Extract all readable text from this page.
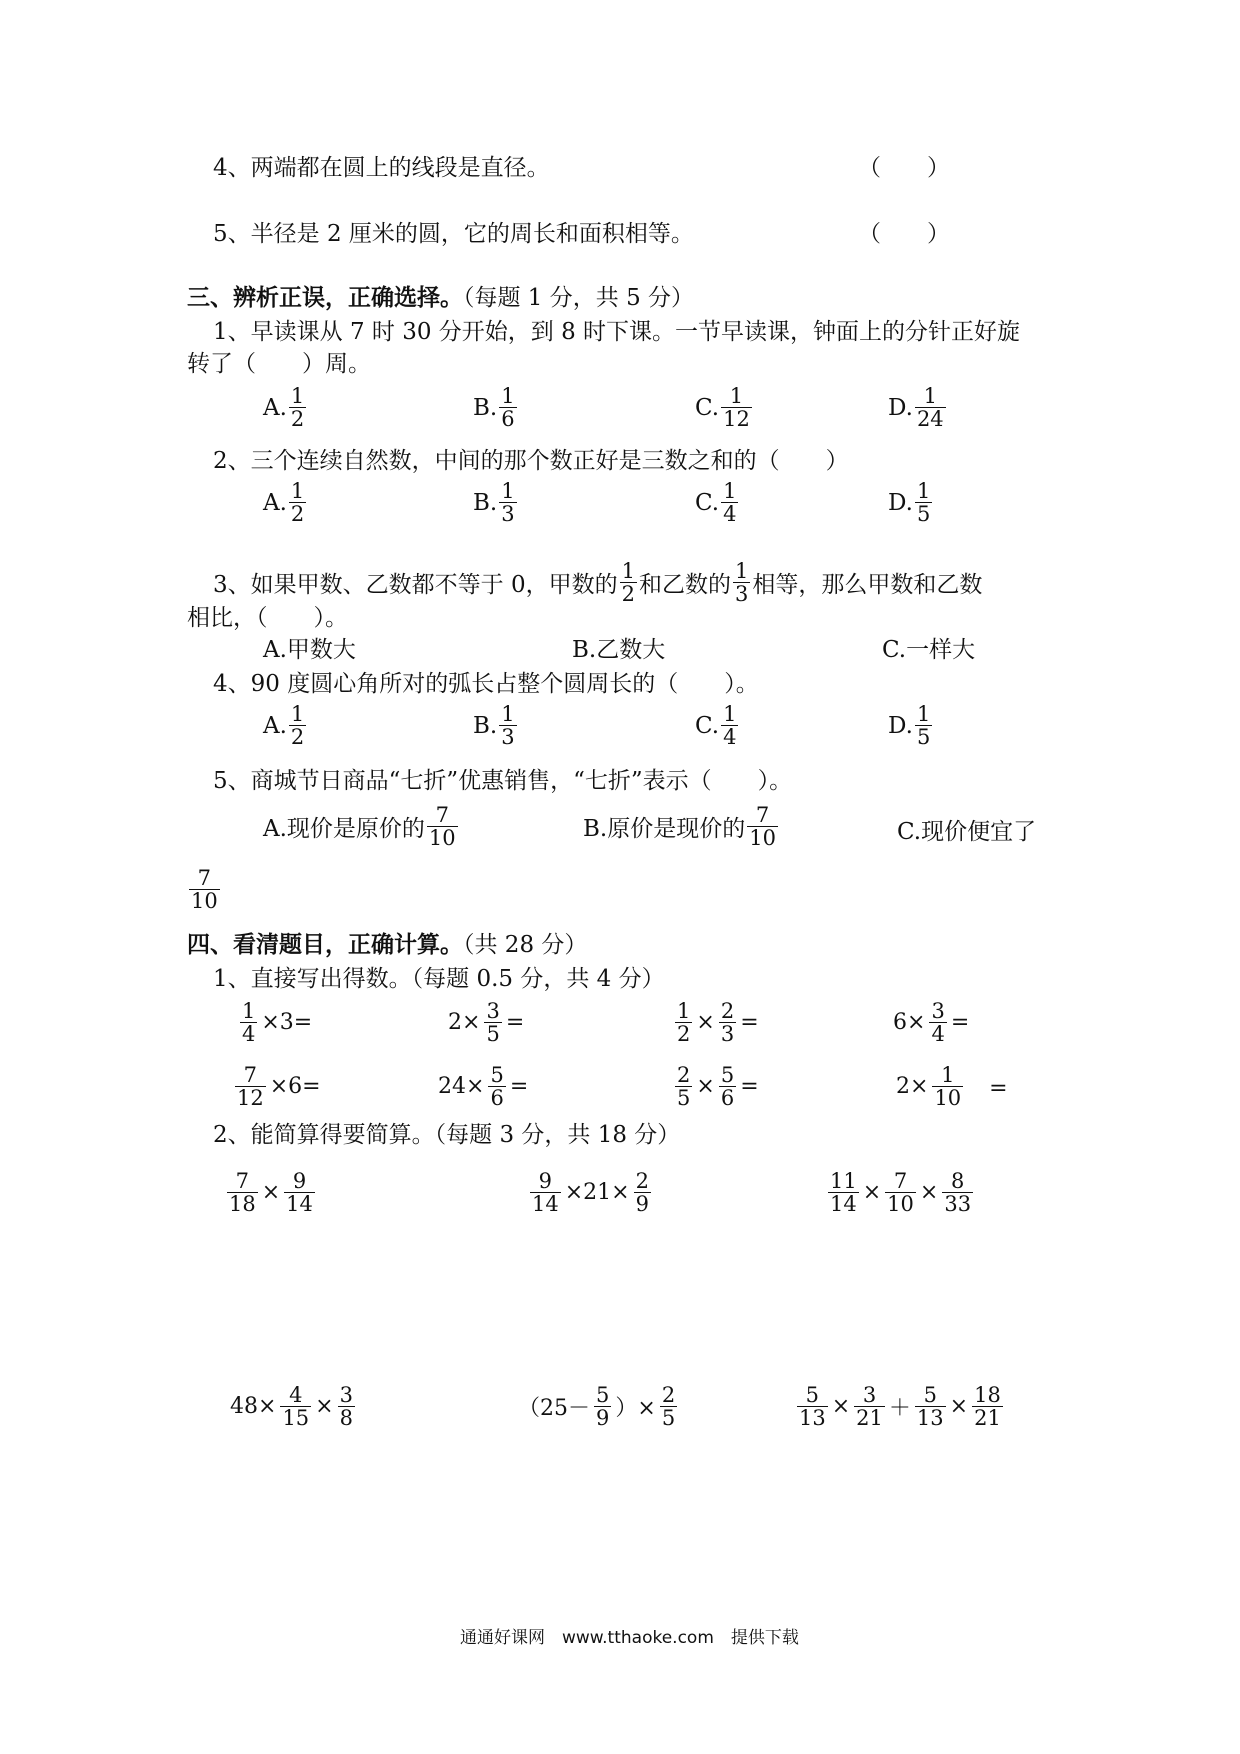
4、两端都在圆上的线段是直径。	（　　）
5、半径是 2 厘米的圆，它的周长和面积相等。	（　　）
三、辨析正误，正确选择。（每题 1 分，共 5 分）
1、早读课从 7 时 30 分开始，到 8 时下课。一节早读课，钟面上的分针正好旋
转了（　　）周。
A. $\frac{1}{2}$	B. $\frac{1}{6}$	C. $\frac{1}{12}$	D. $\frac{1}{24}$
2、三个连续自然数，中间的那个数正好是三数之和的（　　）
A. $\frac{1}{2}$	B. $\frac{1}{3}$	C. $\frac{1}{4}$	D. $\frac{1}{5}$
3、如果甲数、乙数都不等于 0，甲数的 $\frac{1}{2}$ 和乙数的 $\frac{1}{3}$ 相等，那么甲数和乙数
相比，（　　）。
A.甲数大	B.乙数大	C.一样大
4、90 度圆心角所对的弧长占整个圆周长的（　　）。
A. $\frac{1}{2}$	B. $\frac{1}{3}$	C. $\frac{1}{4}$	D. $\frac{1}{5}$
5、商城节日商品“七折”优惠销售，“七折”表示（　　）。
A.现价是原价的 $\frac{7}{10}$	B.原价是现价的 $\frac{7}{10}$	C.现价便宜了
$\frac{7}{10}$
四、看清题目，正确计算。（共 28 分）
1、直接写出得数。（每题 0.5 分，共 4 分）
$\frac{1}{4} \times 3=$	$2\times \frac{3}{5}$ =	$\frac{1}{2} \times \frac{2}{3}$ =	$6\times \frac{3}{4}$ =
$\frac{7}{12} \times 6=$	$24\times \frac{5}{6}$ =	$\frac{2}{5} \times \frac{5}{6}$ =	$2\times \frac{1}{10}$ 　=
2、能简算得要简算。（每题 3 分，共 18 分）
$\frac{7}{18} \times \frac{9}{14}$	$\frac{9}{14} \times 21\times \frac{2}{9}$	$\frac{11}{14} \times \frac{7}{10} \times \frac{8}{33}$
$48\times \frac{4}{15} \times \frac{3}{8}$	（$25- \frac{5}{9}$ ）× $\frac{2}{5}$	$\frac{5}{13} \times \frac{3}{21} + \frac{5}{13} \times \frac{18}{21}$
通通好课网　www.tthaoke.com　提供下载
